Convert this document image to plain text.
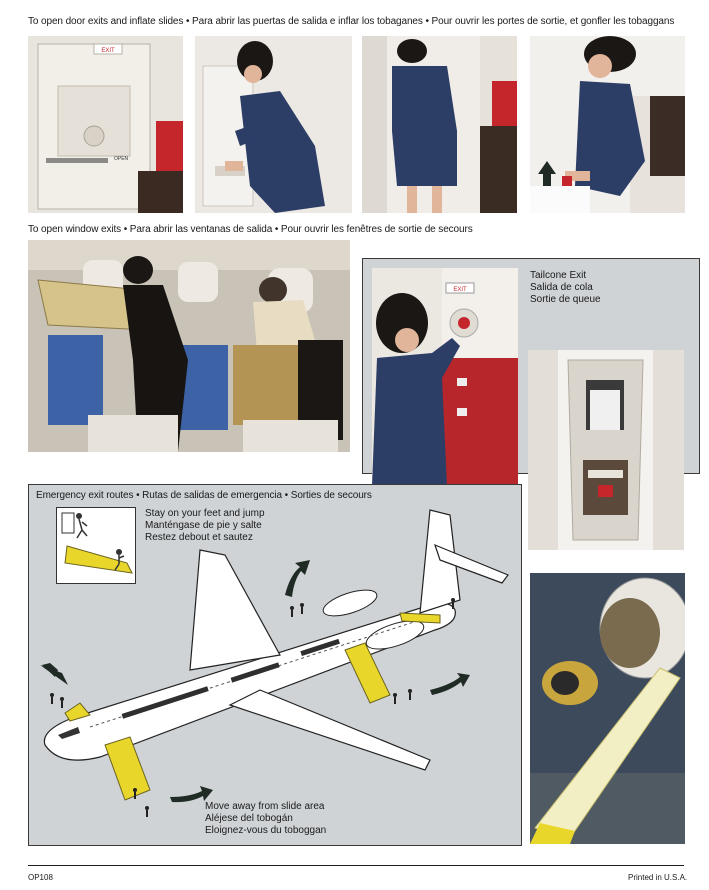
To open door exits and inflate slides • Para abrir las puertas de salida e inflar los tobaganes • Pour ouvrir les portes de sortie, et gonfler les tobaggans
EXIT
OPEN
To open window exits • Para abrir las ventanas de salida • Pour ouvrir les fenêtres de sortie de secours
EXIT
Tailcone Exit
Salida de cola
Sortie de queue
Emergency exit routes • Rutas de salidas de emergencia • Sorties de secours
Stay on your feet and jump
Manténgase de pie y salte
Restez debout et sautez
Move away from slide area
Aléjese del tobogán
Eloignez-vous du toboggan
OP108	Printed in U.S.A.
